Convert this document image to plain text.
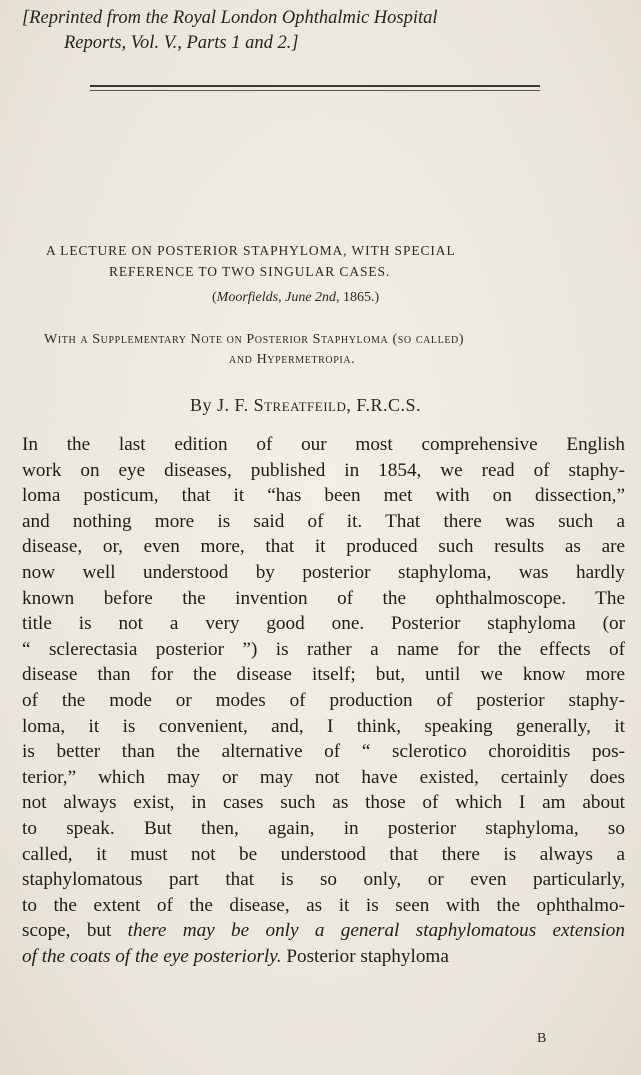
[Reprinted from the Royal London Ophthalmic Hospital
Reports, Vol. V., Parts 1 and 2.]
A LECTURE ON POSTERIOR STAPHYLOMA, WITH SPECIAL
REFERENCE TO TWO SINGULAR CASES.
(Moorfields, June 2nd, 1865.)
With a Supplementary Note on Posterior Staphyloma (so called)
and Hypermetropia.
By J. F. Streatfeild, F.R.C.S.
In the last edition of our most comprehensive English
work on eye diseases, published in 1854, we read of staphy-
loma posticum, that it “has been met with on dissection,”
and nothing more is said of it. That there was such a
disease, or, even more, that it produced such results as are
now well understood by posterior staphyloma, was hardly
known before the invention of the ophthalmoscope. The
title is not a very good one. Posterior staphyloma (or
“ sclerectasia posterior ”) is rather a name for the effects of
disease than for the disease itself; but, until we know more
of the mode or modes of production of posterior staphy-
loma, it is convenient, and, I think, speaking generally, it
is better than the alternative of “ sclerotico choroiditis pos-
terior,” which may or may not have existed, certainly does
not always exist, in cases such as those of which I am about
to speak. But then, again, in posterior staphyloma, so
called, it must not be understood that there is always a
staphylomatous part that is so only, or even particularly,
to the extent of the disease, as it is seen with the ophthalmo-
scope, but there may be only a general staphylomatous extension
of the coats of the eye posteriorly. Posterior staphyloma
B
